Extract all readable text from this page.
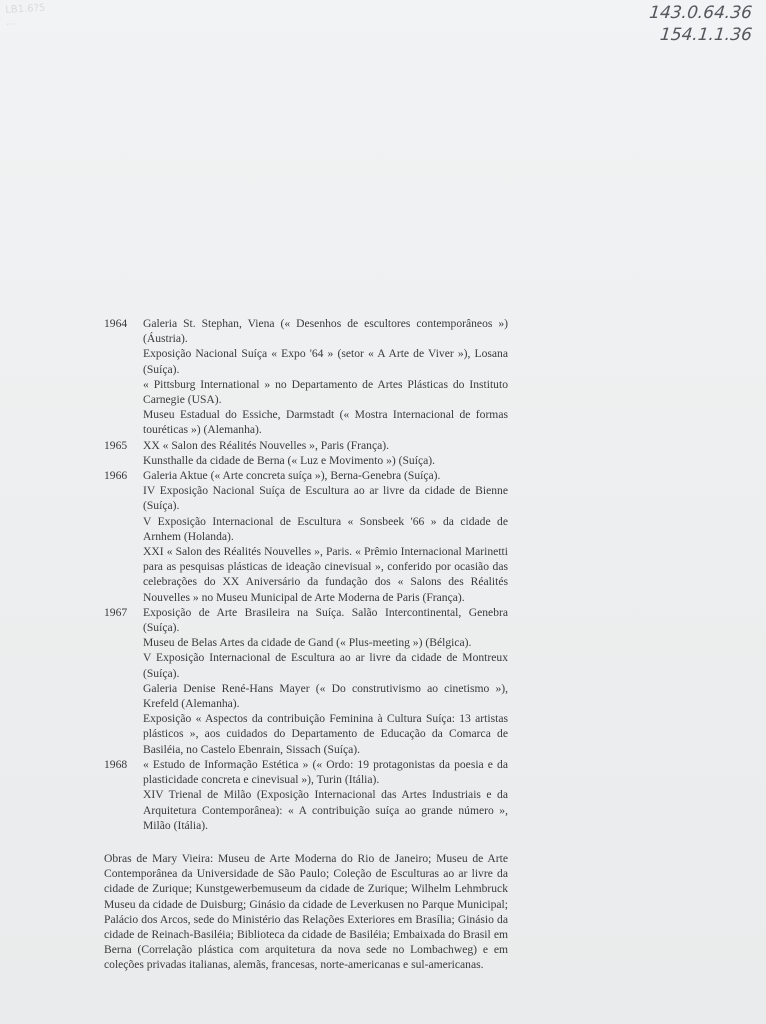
LB1.6?5
...	143.0.64.36
154.1.1.36
1964	Galeria St. Stephan, Viena (« Desenhos de escultores contemporâneos ») (Áustria).

Exposição Nacional Suíça « Expo '64 » (setor « A Arte de Viver »), Losana (Suíça).

« Pittsburg International » no Departamento de Artes Plásticas do Instituto Carnegie (USA).

Museu Estadual do Essiche, Darmstadt (« Mostra Internacional de formas touréticas ») (Alemanha).

1965	XX « Salon des Réalités Nouvelles », Paris (França).

Kunsthalle da cidade de Berna (« Luz e Movimento ») (Suíça).

1966	Galeria Aktue (« Arte concreta suíça »), Berna-Genebra (Suíça).

IV Exposição Nacional Suíça de Escultura ao ar livre da cidade de Bienne (Suíça).

V Exposição Internacional de Escultura « Sonsbeek '66 » da cidade de Arnhem (Holanda).

XXI « Salon des Réalités Nouvelles », Paris. « Prêmio Internacional Marinetti para as pesquisas plásticas de ideação cinevisual », conferido por ocasião das celebrações do XX Aniversário da fundação dos « Salons des Réalités Nouvelles » no Museu Municipal de Arte Moderna de Paris (França).

1967	Exposição de Arte Brasileira na Suíça. Salão Intercontinental, Genebra (Suíça).

Museu de Belas Artes da cidade de Gand (« Plus-meeting ») (Bélgica).

V Exposição Internacional de Escultura ao ar livre da cidade de Montreux (Suíça).

Galeria Denise René-Hans Mayer (« Do construtivismo ao cinetismo »), Krefeld (Alemanha).

Exposição « Aspectos da contribuição Feminina à Cultura Suíça: 13 artistas plásticos », aos cuidados do Departamento de Educação da Comarca de Basiléia, no Castelo Ebenrain, Sissach (Suíça).

1968	« Estudo de Informação Estética » (« Ordo: 19 protagonistas da poesia e da plasticidade concreta e cinevisual »), Turin (Itália).

XIV Trienal de Milão (Exposição Internacional das Artes Industriais e da Arquitetura Contemporânea): « A contribuição suíça ao grande número », Milão (Itália).

Obras de Mary Vieira: Museu de Arte Moderna do Rio de Janeiro; Museu de Arte Contemporânea da Universidade de São Paulo; Coleção de Esculturas ao ar livre da cidade de Zurique; Kunstgewerbemuseum da cidade de Zurique; Wilhelm Lehmbruck Museu da cidade de Duisburg; Ginásio da cidade de Leverkusen no Parque Municipal; Palácio dos Arcos, sede do Ministério das Relações Exteriores em Brasília; Ginásio da cidade de Reinach-Basiléia; Biblioteca da cidade de Basiléia; Embaixada do Brasil em Berna (Correlação plástica com arquitetura da nova sede no Lombachweg) e em coleções privadas italianas, alemãs, francesas, norte-americanas e sul-americanas.
